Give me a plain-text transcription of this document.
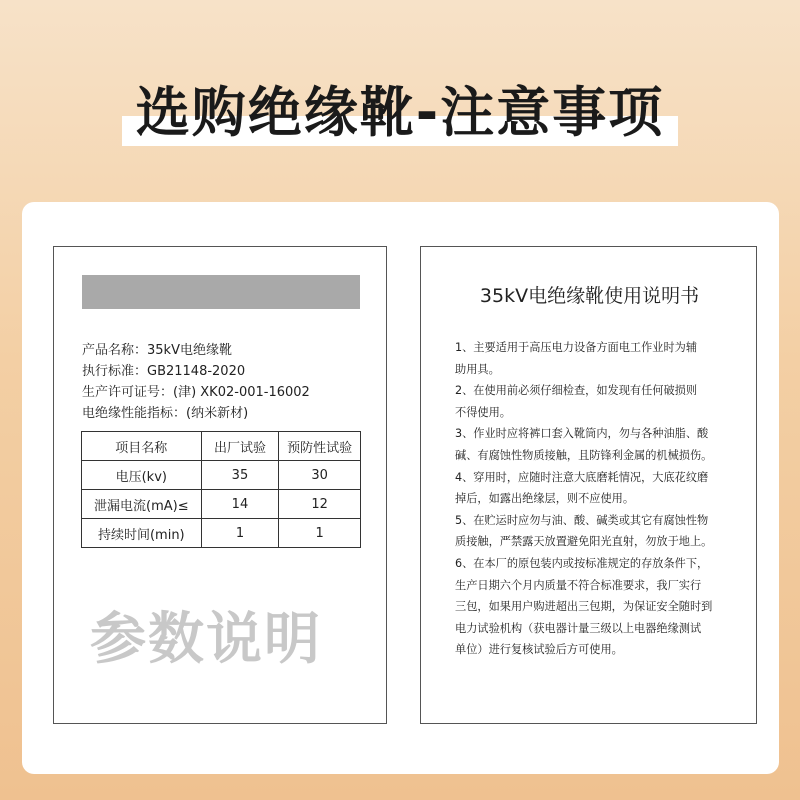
选购绝缘靴-注意事项
产品名称：35kV电绝缘靴
执行标准：GB21148-2020
生产许可证号：(津) XK02-001-16002
电绝缘性能指标：(纳米新材)
项目名称	出厂试验	预防性试验
电压(kv)	35	30
泄漏电流(mA)≤	14	12
持续时间(min)	1	1
参数说明
35kV电绝缘靴使用说明书
1、主要适用于高压电力设备方面电工作业时为辅
助用具。
2、在使用前必须仔细检查，如发现有任何破损则
不得使用。
3、作业时应将裤口套入靴筒内，勿与各种油脂、酸
碱、有腐蚀性物质接触，且防锋利金属的机械损伤。
4、穿用时，应随时注意大底磨耗情况，大底花纹磨
掉后，如露出绝缘层，则不应使用。
5、在贮运时应勿与油、酸、碱类或其它有腐蚀性物
质接触，严禁露天放置避免阳光直射，勿放于地上。
6、在本厂的原包装内或按标准规定的存放条件下，
生产日期六个月内质量不符合标准要求，我厂实行
三包，如果用户购进超出三包期，为保证安全随时到
电力试验机构（获电器计量三级以上电器绝缘测试
单位）进行复核试验后方可使用。
